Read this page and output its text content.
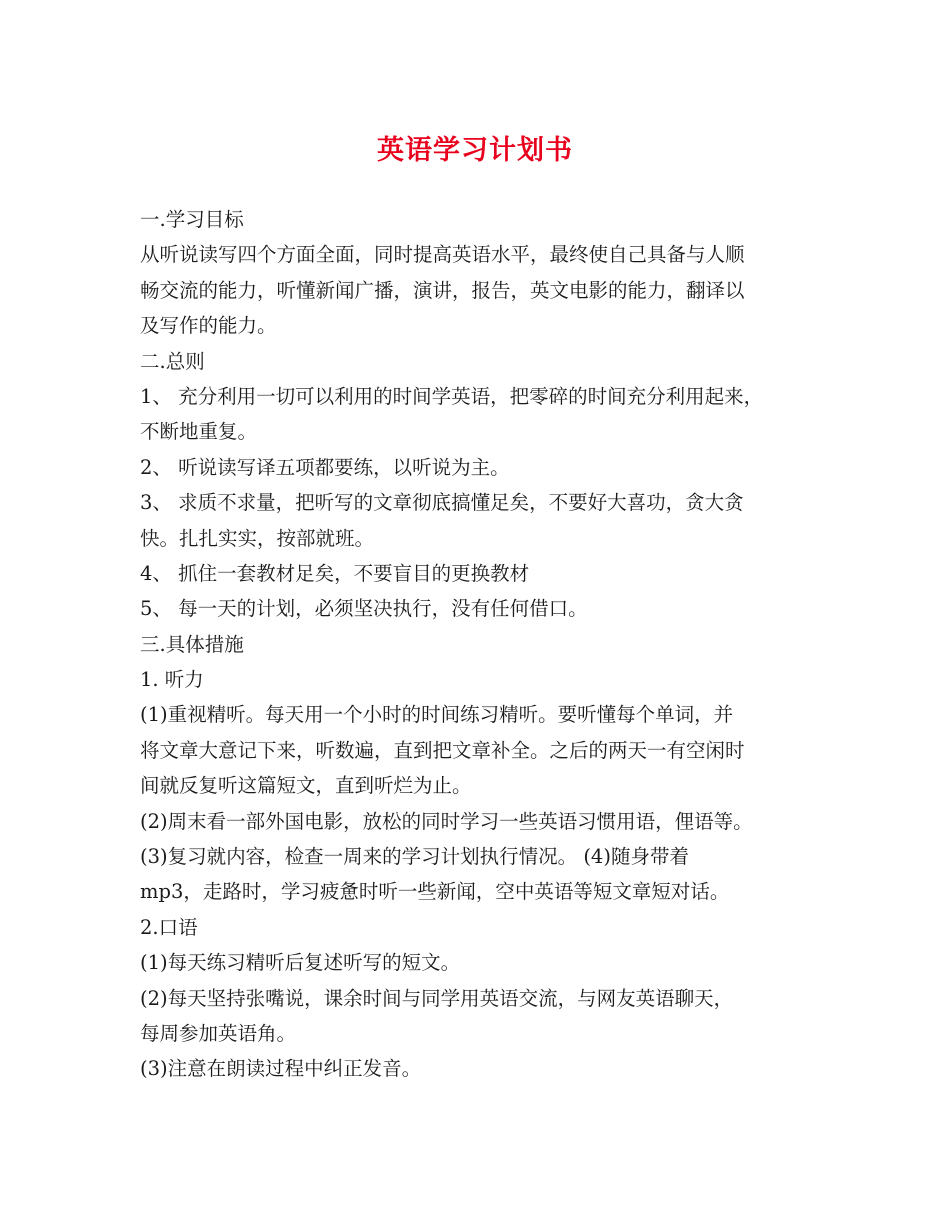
英语学习计划书
一.学习目标
从听说读写四个方面全面，同时提高英语水平，最终使自己具备与人顺
畅交流的能力，听懂新闻广播，演讲，报告，英文电影的能力，翻译以
及写作的能力。
二.总则
1、 充分利用一切可以利用的时间学英语，把零碎的时间充分利用起来，
不断地重复。
2、 听说读写译五项都要练，以听说为主。
3、 求质不求量，把听写的文章彻底搞懂足矣，不要好大喜功，贪大贪
快。扎扎实实，按部就班。
4、 抓住一套教材足矣，不要盲目的更换教材
5、 每一天的计划，必须坚决执行，没有任何借口。
三.具体措施
1. 听力
(1)重视精听。每天用一个小时的时间练习精听。要听懂每个单词，并
将文章大意记下来，听数遍，直到把文章补全。之后的两天一有空闲时
间就反复听这篇短文，直到听烂为止。
(2)周末看一部外国电影，放松的同时学习一些英语习惯用语，俚语等。
(3)复习就内容，检查一周来的学习计划执行情况。 (4)随身带着
mp3，走路时，学习疲惫时听一些新闻，空中英语等短文章短对话。
2.口语
(1)每天练习精听后复述听写的短文。
(2)每天坚持张嘴说，课余时间与同学用英语交流，与网友英语聊天，
每周参加英语角。
(3)注意在朗读过程中纠正发音。
